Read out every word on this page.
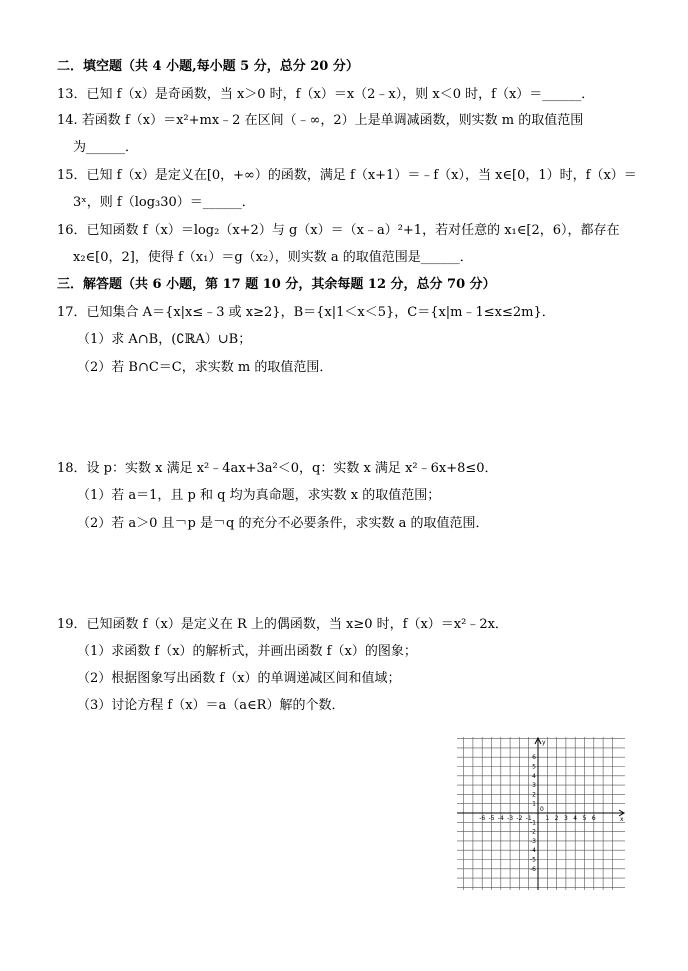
二．填空题（共 4 小题,每小题 5 分，总分 20 分）
13．已知 f（x）是奇函数，当 x＞0 时，f（x）＝x（2﹣x），则 x＜0 时，f（x）＝______．
14. 若函数 f（x）＝x²+mx﹣2 在区间（﹣∞，2）上是单调减函数，则实数 m 的取值范围
为______．
15．已知 f（x）是定义在[0，+∞）的函数，满足 f（x+1）＝﹣f（x），当 x∈[0，1）时，f（x）＝
3ˣ，则 f（log₃30）＝______．
16．已知函数 f（x）＝log₂（x+2）与 g（x）＝（x﹣a）²+1，若对任意的 x₁∈[2，6），都存在
x₂∈[0，2]，使得 f（x₁）＝g（x₂），则实数 a 的取值范围是______．
三．解答题（共 6 小题，第 17 题 10 分，其余每题 12 分，总分 70 分）
17．已知集合 A＝{x|x≤﹣3 或 x≥2}，B＝{x|1＜x＜5}，C＝{x|m﹣1≤x≤2m}．
（1）求 A∩B，(∁ℝA）∪B；
（2）若 B∩C＝C，求实数 m 的取值范围．
18．设 p：实数 x 满足 x²﹣4ax+3a²＜0，q：实数 x 满足 x²﹣6x+8≤0．
（1）若 a＝1，且 p 和 q 均为真命题，求实数 x 的取值范围；
（2）若 a＞0 且￢p 是￢q 的充分不必要条件，求实数 a 的取值范围．
19．已知函数 f（x）是定义在 R 上的偶函数，当 x≥0 时，f（x）＝x²﹣2x．
（1）求函数 f（x）的解析式，并画出函数 f（x）的图象；
（2）根据图象写出函数 f（x）的单调递减区间和值域；
（3）讨论方程 f（x）＝a（a∈R）解的个数．
-6 -5 -4 -3 -2 -1 1 2 3 4 5 6
6
5
4
3
2
1
-1
-2
-3
-4
-5
-6
0
x
y
